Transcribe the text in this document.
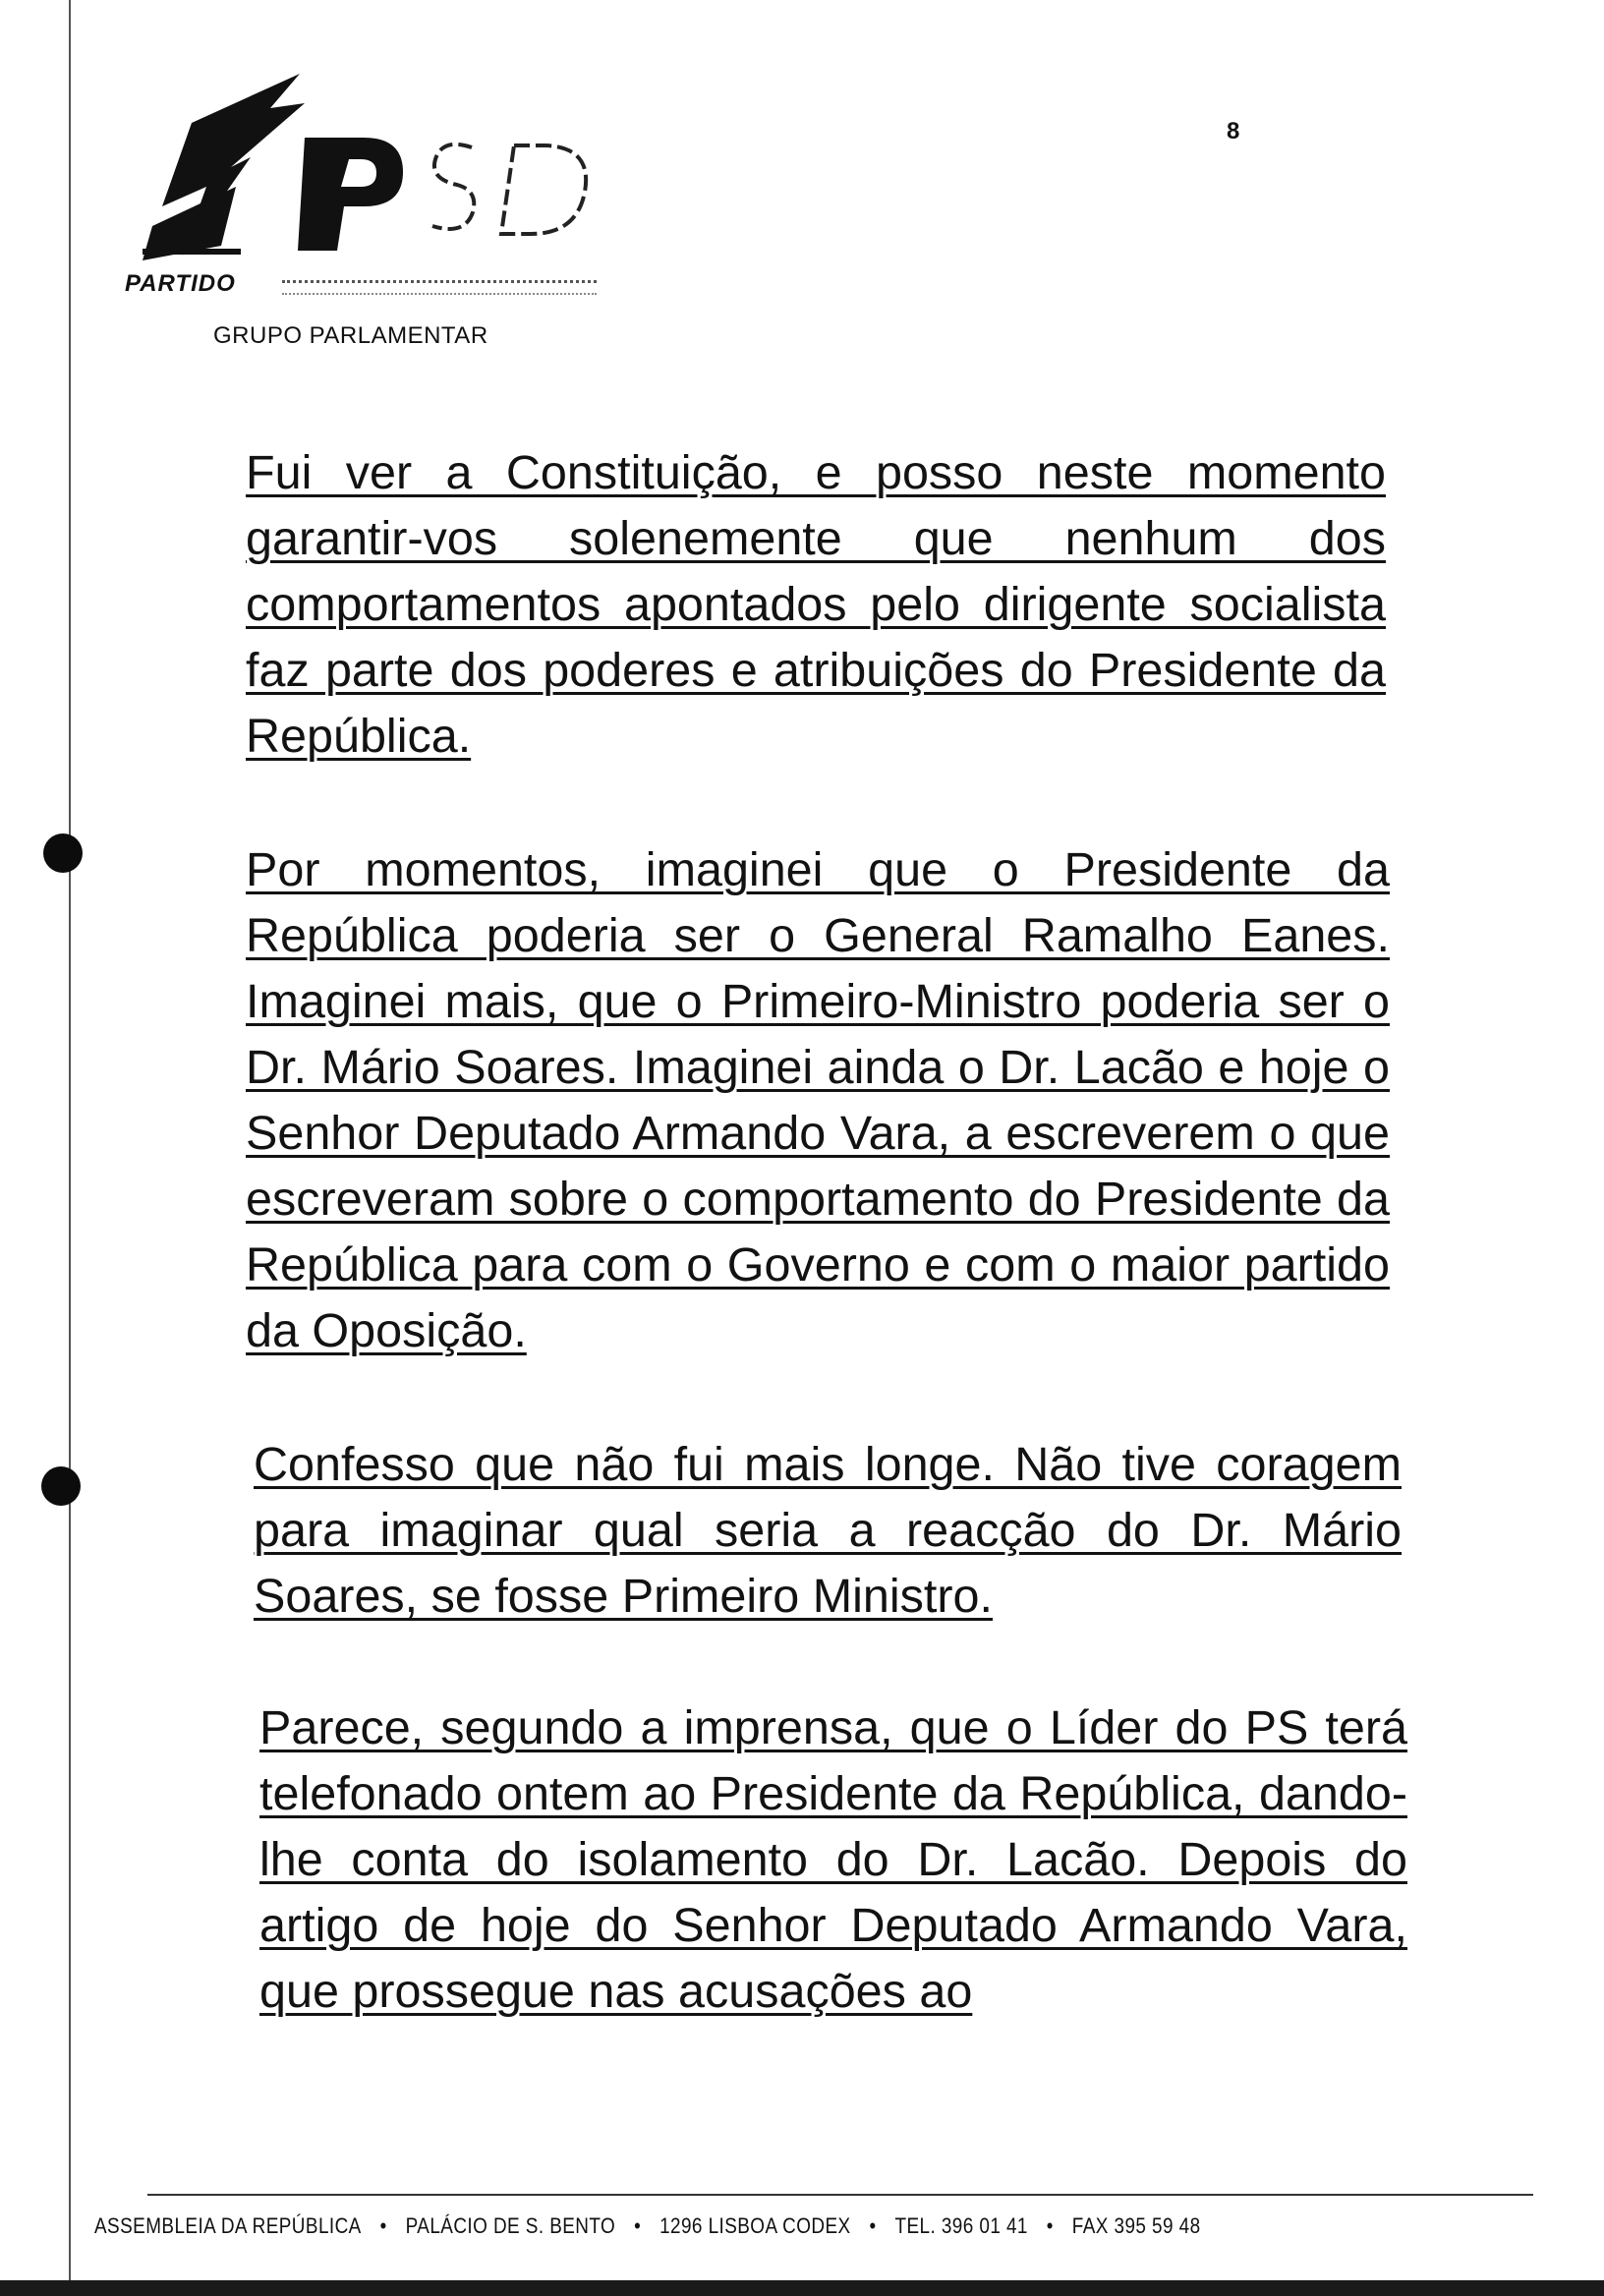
PARTIDO
GRUPO PARLAMENTAR
8

Fui ver a Constituição, e posso neste momento garantir-vos solenemente que nenhum dos comportamentos apontados pelo dirigente socialista faz parte dos poderes e atribuições do Presidente da República.

Por momentos, imaginei que o Presidente da República poderia ser o General Ramalho Eanes. Imaginei mais, que o Primeiro-Ministro poderia ser o Dr. Mário Soares. Imaginei ainda o Dr. Lacão e hoje o Senhor Deputado Armando Vara, a escreverem o que escreveram sobre o comportamento do Presidente da República para com o Governo e com o maior partido da Oposição.

Confesso que não fui mais longe. Não tive coragem para imaginar qual seria a reacção do Dr. Mário Soares, se fosse Primeiro Ministro.

Parece, segundo a imprensa, que o Líder do PS terá telefonado ontem ao Presidente da República, dando-lhe conta do isolamento do Dr. Lacão. Depois do artigo de hoje do Senhor Deputado Armando Vara, que prossegue nas acusações ao

ASSEMBLEIA DA REPÚBLICA • PALÁCIO DE S. BENTO • 1296 LISBOA CODEX • TEL. 396 01 41 • FAX 395 59 48
